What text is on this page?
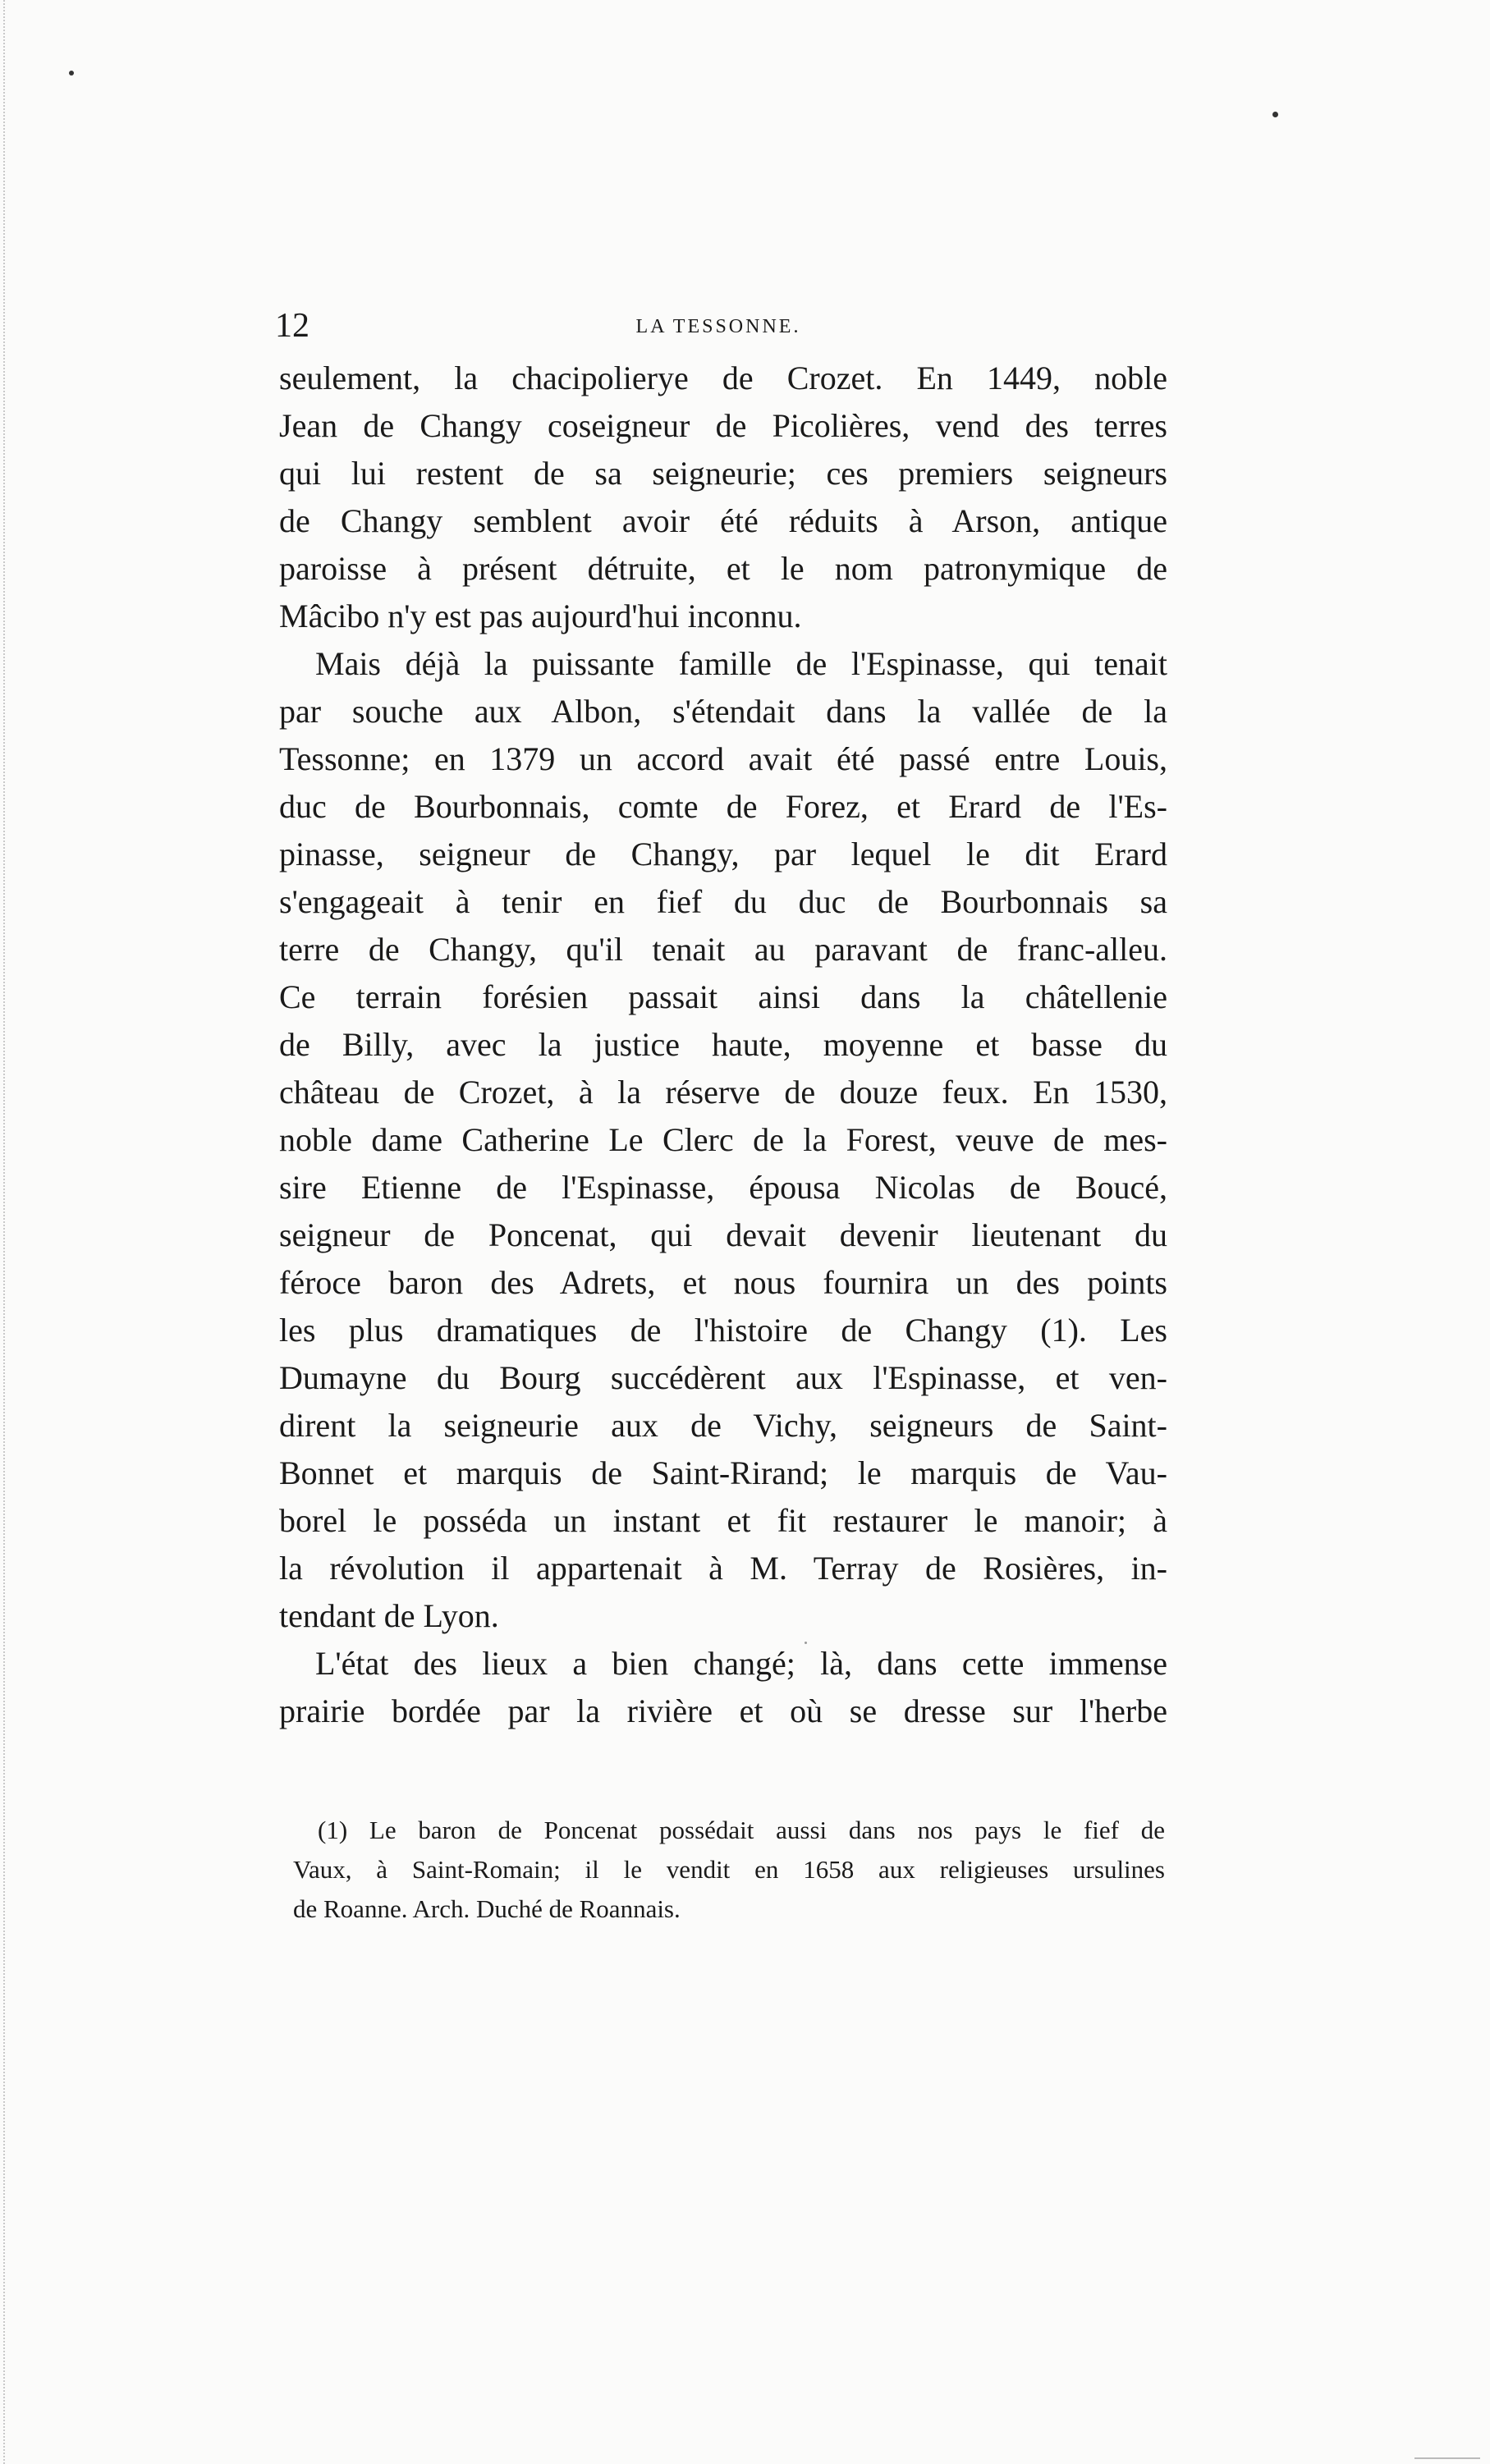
12	LA TESSONNE.
seulement, la chacipolierye de Crozet. En 1449, noble
Jean de Changy coseigneur de Picolières, vend des terres
qui lui restent de sa seigneurie; ces premiers seigneurs
de Changy semblent avoir été réduits à Arson, antique
paroisse à présent détruite, et le nom patronymique de
Mâcibo n'y est pas aujourd'hui inconnu.
Mais déjà la puissante famille de l'Espinasse, qui tenait
par souche aux Albon, s'étendait dans la vallée de la
Tessonne; en 1379 un accord avait été passé entre Louis,
duc de Bourbonnais, comte de Forez, et Erard de l'Es-
pinasse, seigneur de Changy, par lequel le dit Erard
s'engageait à tenir en fief du duc de Bourbonnais sa
terre de Changy, qu'il tenait au paravant de franc-alleu.
Ce terrain forésien passait ainsi dans la châtellenie
de Billy, avec la justice haute, moyenne et basse du
château de Crozet, à la réserve de douze feux. En 1530,
noble dame Catherine Le Clerc de la Forest, veuve de mes-
sire Etienne de l'Espinasse, épousa Nicolas de Boucé,
seigneur de Poncenat, qui devait devenir lieutenant du
féroce baron des Adrets, et nous fournira un des points
les plus dramatiques de l'histoire de Changy (1). Les
Dumayne du Bourg succédèrent aux l'Espinasse, et ven-
dirent la seigneurie aux de Vichy, seigneurs de Saint-
Bonnet et marquis de Saint-Rirand; le marquis de Vau-
borel le posséda un instant et fit restaurer le manoir; à
la révolution il appartenait à M. Terray de Rosières, in-
tendant de Lyon.
L'état des lieux a bien changé; là, dans cette immense
prairie bordée par la rivière et où se dresse sur l'herbe
(1) Le baron de Poncenat possédait aussi dans nos pays le fief de
Vaux, à Saint-Romain; il le vendit en 1658 aux religieuses ursulines
de Roanne. Arch. Duché de Roannais.
